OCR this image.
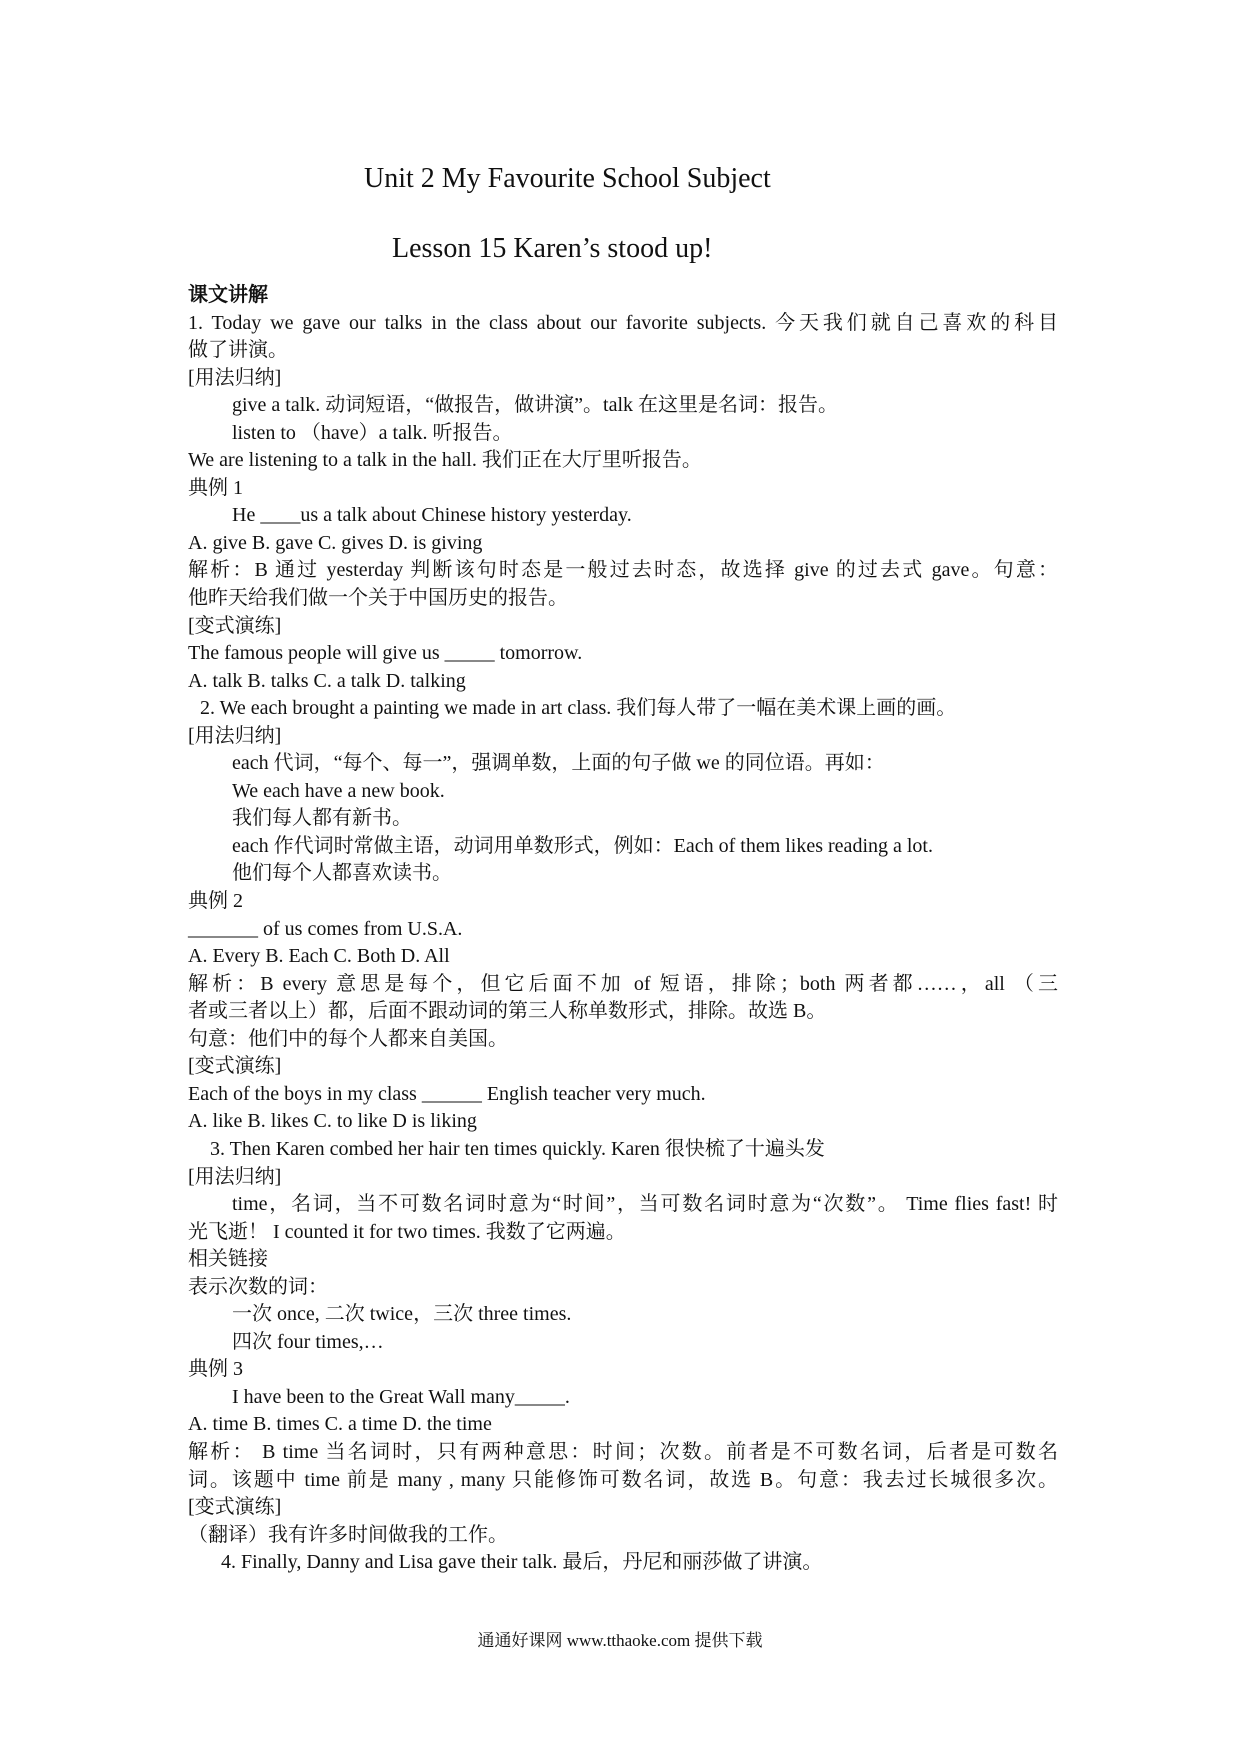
Unit 2 My Favourite School Subject
Lesson 15 Karen’s stood up!
课文讲解
1. Today we gave our talks in the class about our favorite subjects. 今天我们就自己喜欢的科目
做了讲演。
[用法归纳]
give a talk. 动词短语，“做报告，做讲演”。talk 在这里是名词：报告。
listen to （have）a talk. 听报告。
We are listening to a talk in the hall. 我们正在大厅里听报告。
典例 1
He ____us a talk about Chinese history yesterday.
A. give B. gave C. gives D. is giving
解析：B 通过 yesterday 判断该句时态是一般过去时态，故选择 give 的过去式 gave。句意：
他昨天给我们做一个关于中国历史的报告。
[变式演练]
The famous people will give us _____ tomorrow.
A. talk B. talks C. a talk D. talking
2. We each brought a painting we made in art class. 我们每人带了一幅在美术课上画的画。
[用法归纳]
each 代词，“每个、每一”，强调单数，上面的句子做 we 的同位语。再如：
We each have a new book.
我们每人都有新书。
each 作代词时常做主语，动词用单数形式，例如：Each of them likes reading a lot.
他们每个人都喜欢读书。
典例 2
_______ of us comes from U.S.A.
A. Every B. Each C. Both D. All
解析：B every 意思是每个，但它后面不加 of 短语，排除；both 两者都……，all （三
者或三者以上）都，后面不跟动词的第三人称单数形式，排除。故选 B。
句意：他们中的每个人都来自美国。
[变式演练]
Each of the boys in my class ______ English teacher very much.
A. like B. likes C. to like D is liking
3. Then Karen combed her hair ten times quickly. Karen 很快梳了十遍头发
[用法归纳]
time，名词，当不可数名词时意为“时间”，当可数名词时意为“次数”。 Time flies fast! 时
光飞逝！ I counted it for two times. 我数了它两遍。
相关链接
表示次数的词：
一次 once, 二次 twice，三次 three times.
四次 four times,…
典例 3
I have been to the Great Wall many_____.
A. time B. times C. a time D. the time
解析： B time 当名词时，只有两种意思：时间；次数。前者是不可数名词，后者是可数名
词。该题中 time 前是 many , many 只能修饰可数名词，故选 B。句意：我去过长城很多次。
[变式演练]
（翻译）我有许多时间做我的工作。
4. Finally, Danny and Lisa gave their talk. 最后，丹尼和丽莎做了讲演。
通通好课网 www.tthaoke.com 提供下载
